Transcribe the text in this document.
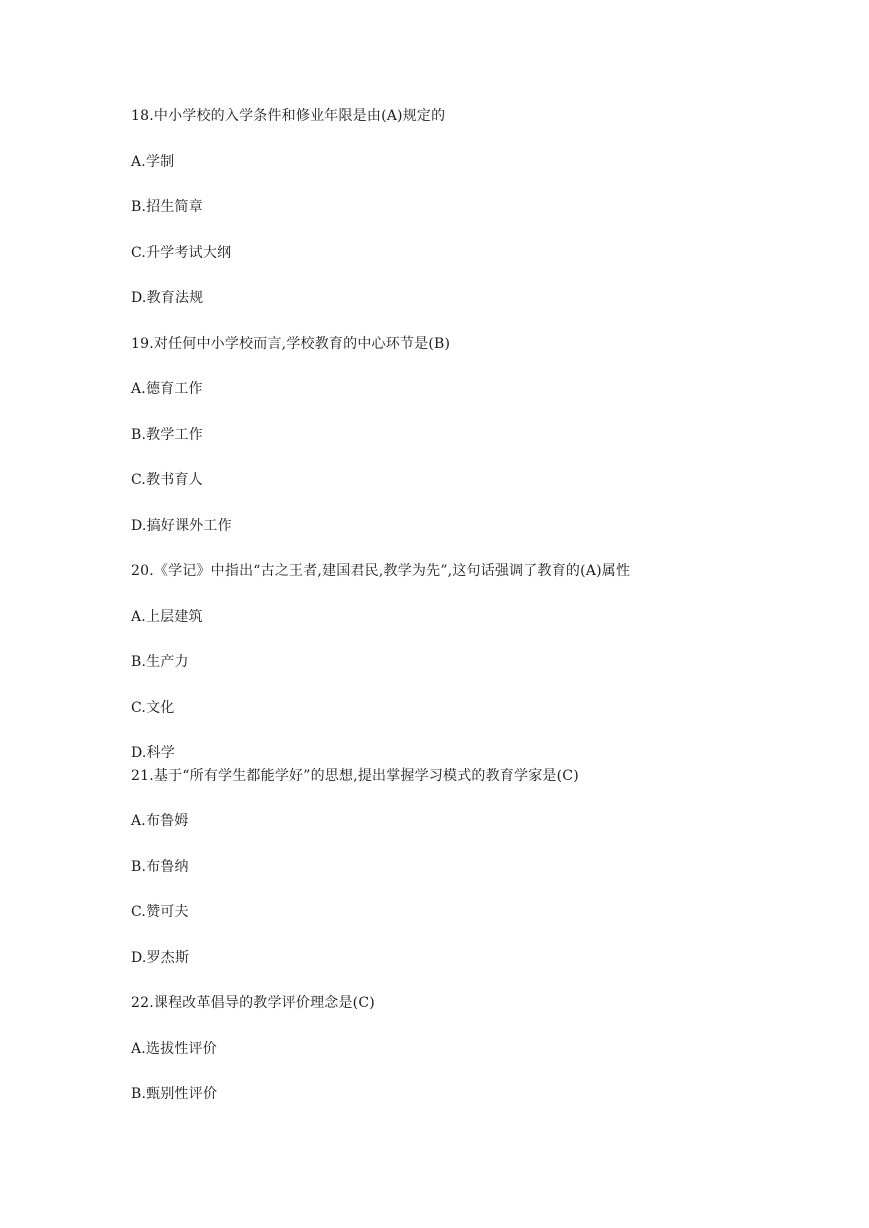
18.中小学校的入学条件和修业年限是由(A)规定的
A.学制
B.招生简章
C.升学考试大纲
D.教育法规
19.对任何中小学校而言,学校教育的中心环节是(B)
A.德育工作
B.教学工作
C.教书育人
D.搞好课外工作
20.《学记》中指出“古之王者,建国君民,教学为先”,这句话强调了教育的(A)属性
A.上层建筑
B.生产力
C.文化
D.科学
21.基于“所有学生都能学好”的思想,提出掌握学习模式的教育学家是(C)
A.布鲁姆
B.布鲁纳
C.赞可夫
D.罗杰斯
22.课程改革倡导的教学评价理念是(C)
A.选拔性评价
B.甄别性评价
